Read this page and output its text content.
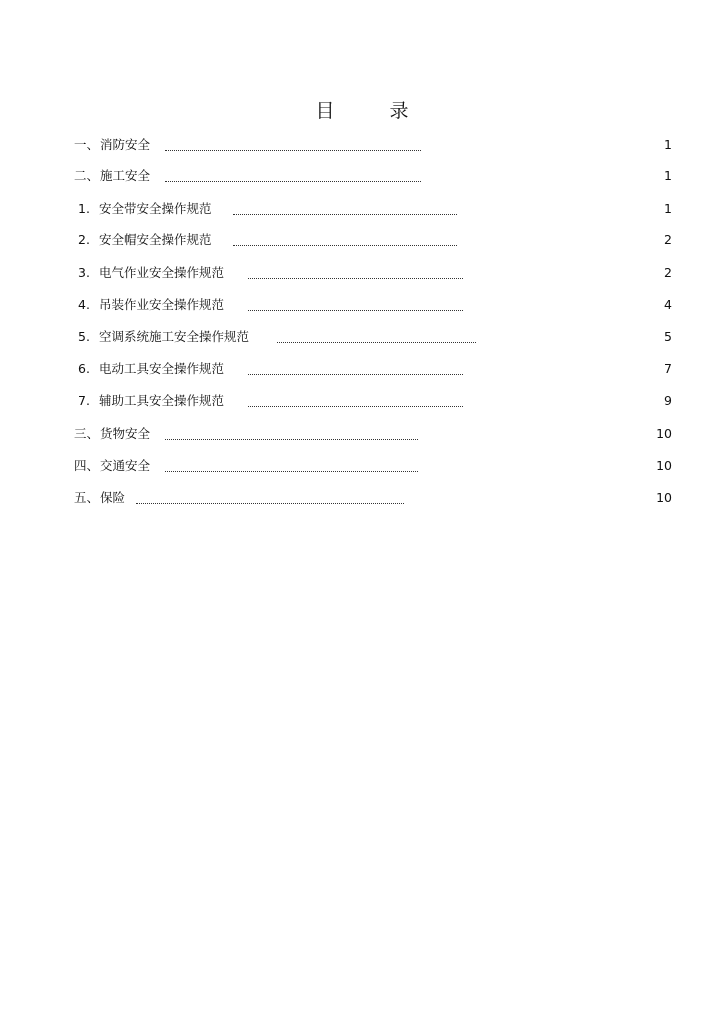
目　录
一、 消防安全	1
二、 施工安全	1
1. 安全带安全操作规范	1
2. 安全帽安全操作规范	2
3. 电气作业安全操作规范	2
4. 吊装作业安全操作规范	4
5. 空调系统施工安全操作规范	5
6. 电动工具安全操作规范	7
7. 辅助工具安全操作规范	9
三、 货物安全	10
四、 交通安全	10
五、 保险	10
